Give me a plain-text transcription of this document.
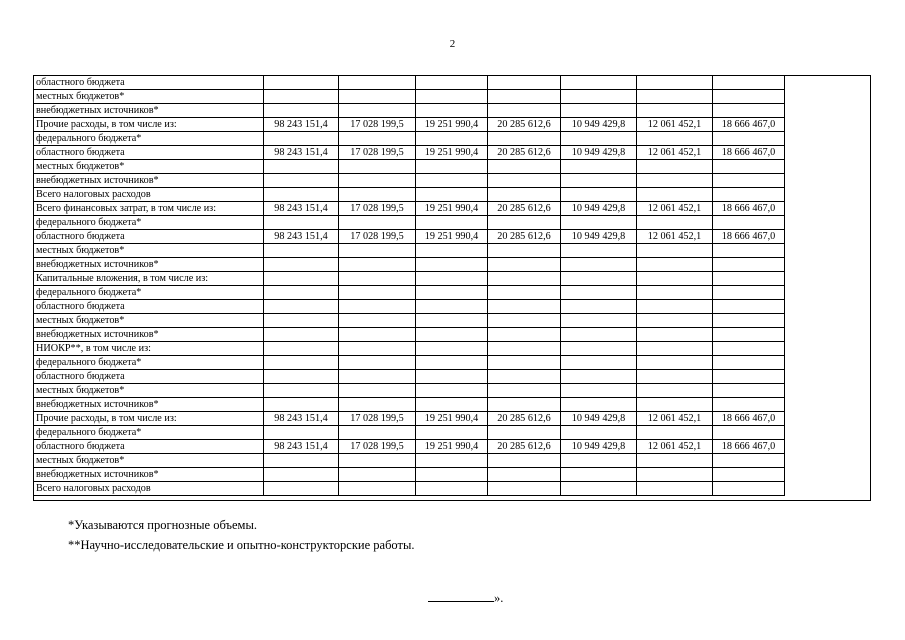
2
областного бюджета							
местных бюджетов*							
внебюджетных источников*							
Прочие расходы, в том числе из:	98 243 151,4	17 028 199,5	19 251 990,4	20 285 612,6	10 949 429,8	12 061 452,1	18 666 467,0
федерального бюджета*							
областного бюджета	98 243 151,4	17 028 199,5	19 251 990,4	20 285 612,6	10 949 429,8	12 061 452,1	18 666 467,0
местных бюджетов*							
внебюджетных источников*							
Всего налоговых расходов							
Всего финансовых затрат, в том числе из:	98 243 151,4	17 028 199,5	19 251 990,4	20 285 612,6	10 949 429,8	12 061 452,1	18 666 467,0
федерального бюджета*							
областного бюджета	98 243 151,4	17 028 199,5	19 251 990,4	20 285 612,6	10 949 429,8	12 061 452,1	18 666 467,0
местных бюджетов*							
внебюджетных источников*							
Капитальные вложения, в том числе из:							
федерального бюджета*							
областного бюджета							
местных бюджетов*							
внебюджетных источников*							
НИОКР**, в том числе из:							
федерального бюджета*							
областного бюджета							
местных бюджетов*							
внебюджетных источников*							
Прочие расходы, в том числе из:	98 243 151,4	17 028 199,5	19 251 990,4	20 285 612,6	10 949 429,8	12 061 452,1	18 666 467,0
федерального бюджета*							
областного бюджета	98 243 151,4	17 028 199,5	19 251 990,4	20 285 612,6	10 949 429,8	12 061 452,1	18 666 467,0
местных бюджетов*							
внебюджетных источников*							
Всего налоговых расходов							
*Указываются прогнозные объемы.
**Научно-исследовательские и опытно-конструкторские работы.
».
